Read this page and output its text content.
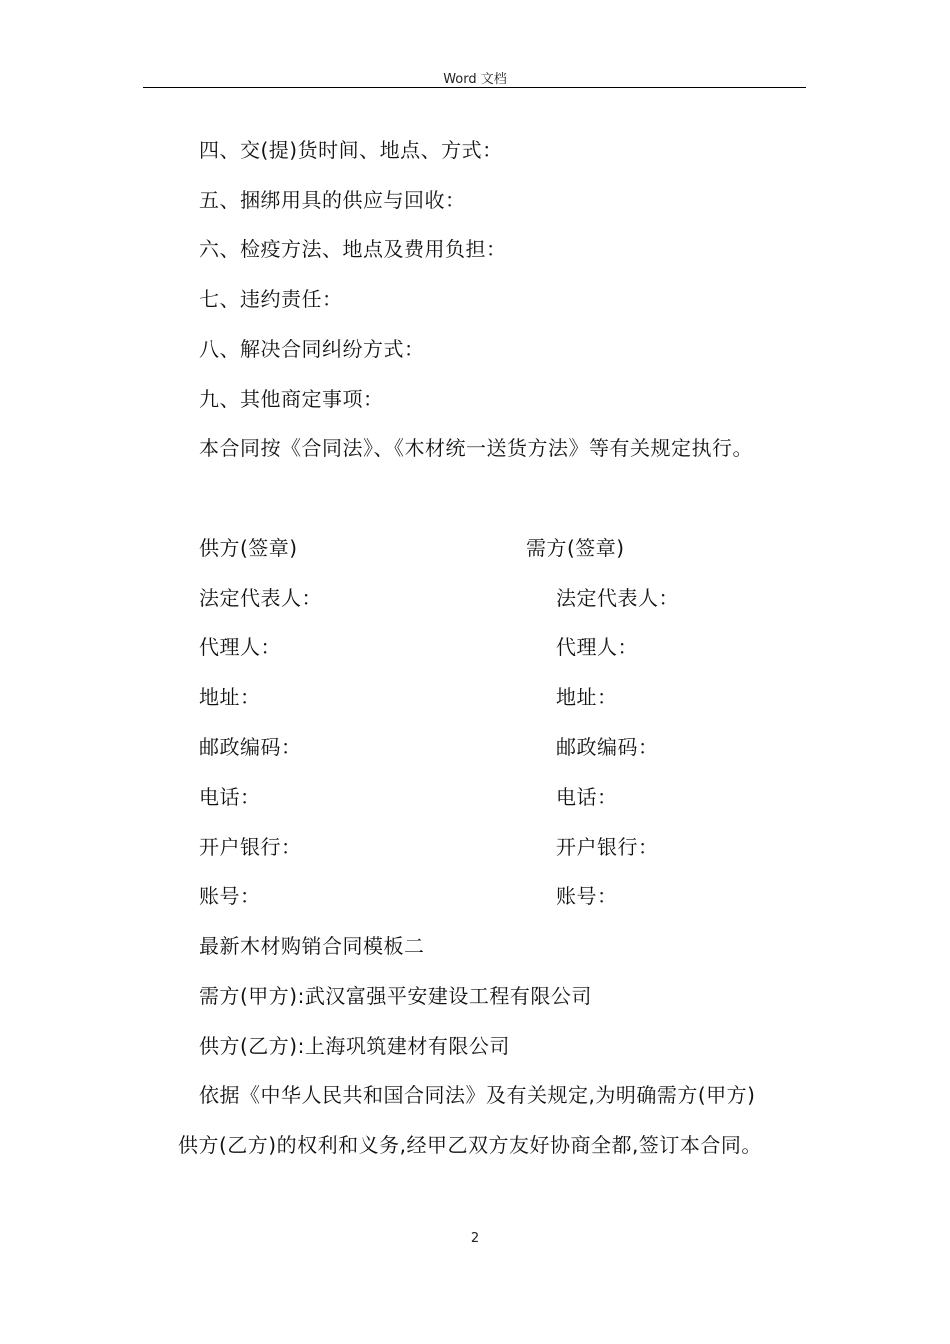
Word 文档
四、交(提)货时间、地点、方式：
五、捆绑用具的供应与回收：
六、检疫方法、地点及费用负担：
七、违约责任：
八、解决合同纠纷方式：
九、其他商定事项：
本合同按《合同法》、《木材统一送货方法》等有关规定执行。
供方(签章)	需方(签章)
法定代表人：	法定代表人：
代理人：	代理人：
地址：	地址：
邮政编码：	邮政编码：
电话：	电话：
开户银行：	开户银行：
账号：	账号：
最新木材购销合同模板二
需方(甲方):武汉富强平安建设工程有限公司
供方(乙方):上海巩筑建材有限公司
依据《中华人民共和国合同法》及有关规定,为明确需方(甲方)
供方(乙方)的权利和义务,经甲乙双方友好协商全都,签订本合同。
2
